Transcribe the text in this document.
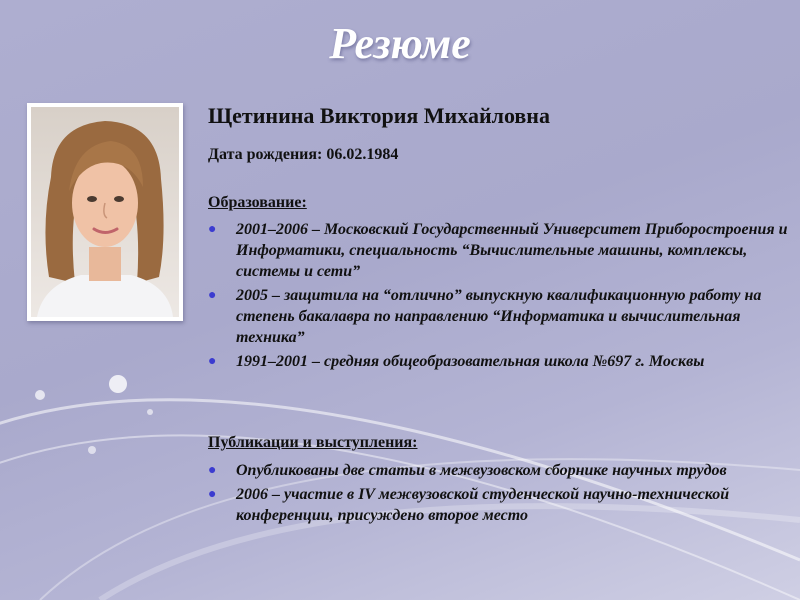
Резюме
Щетинина Виктория Михайловна
Дата рождения: 06.02.1984
Образование:
● 2001–2006 – Московский Государственный Университет Приборостроения и Информатики, специальность “Вычислительные машины, комплексы, системы и сети”
● 2005 – защитила на “отлично” выпускную квалификационную работу на степень бакалавра по направлению “Информатика и вычислительная техника”
● 1991–2001 – средняя общеобразовательная школа №697 г. Москвы
Публикации и выступления:
● Опубликованы две статьи в межвузовском сборнике научных трудов
● 2006 – участие в IV межвузовской студенческой научно-технической конференции, присуждено второе место
